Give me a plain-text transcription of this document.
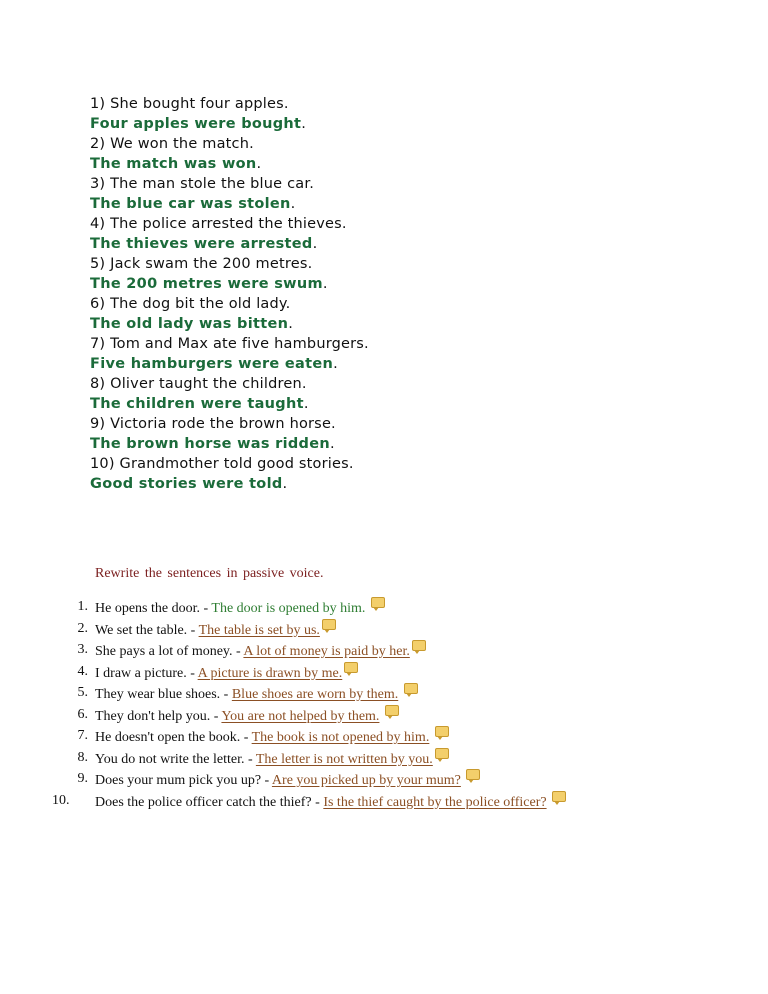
1) She bought four apples.
Four apples were bought.
2) We won the match.
The match was won.
3) The man stole the blue car.
The blue car was stolen.
4) The police arrested the thieves.
The thieves were arrested.
5) Jack swam the 200 metres.
The 200 metres were swum.
6) The dog bit the old lady.
The old lady was bitten.
7) Tom and Max ate five hamburgers.
Five hamburgers were eaten.
8) Oliver taught the children.
The children were taught.
9) Victoria rode the brown horse.
The brown horse was ridden.
10) Grandmother told good stories.
Good stories were told.
Rewrite the sentences in passive voice.
1. He opens the door. - The door is opened by him.
2. We set the table. - The table is set by us.
3. She pays a lot of money. - A lot of money is paid by her.
4. I draw a picture. - A picture is drawn by me.
5. They wear blue shoes. - Blue shoes are worn by them.
6. They don't help you. - You are not helped by them.
7. He doesn't open the book. - The book is not opened by him.
8. You do not write the letter. - The letter is not written by you.
9. Does your mum pick you up? - Are you picked up by your mum?
10.	Does the police officer catch the thief? - Is the thief caught by the police officer?
